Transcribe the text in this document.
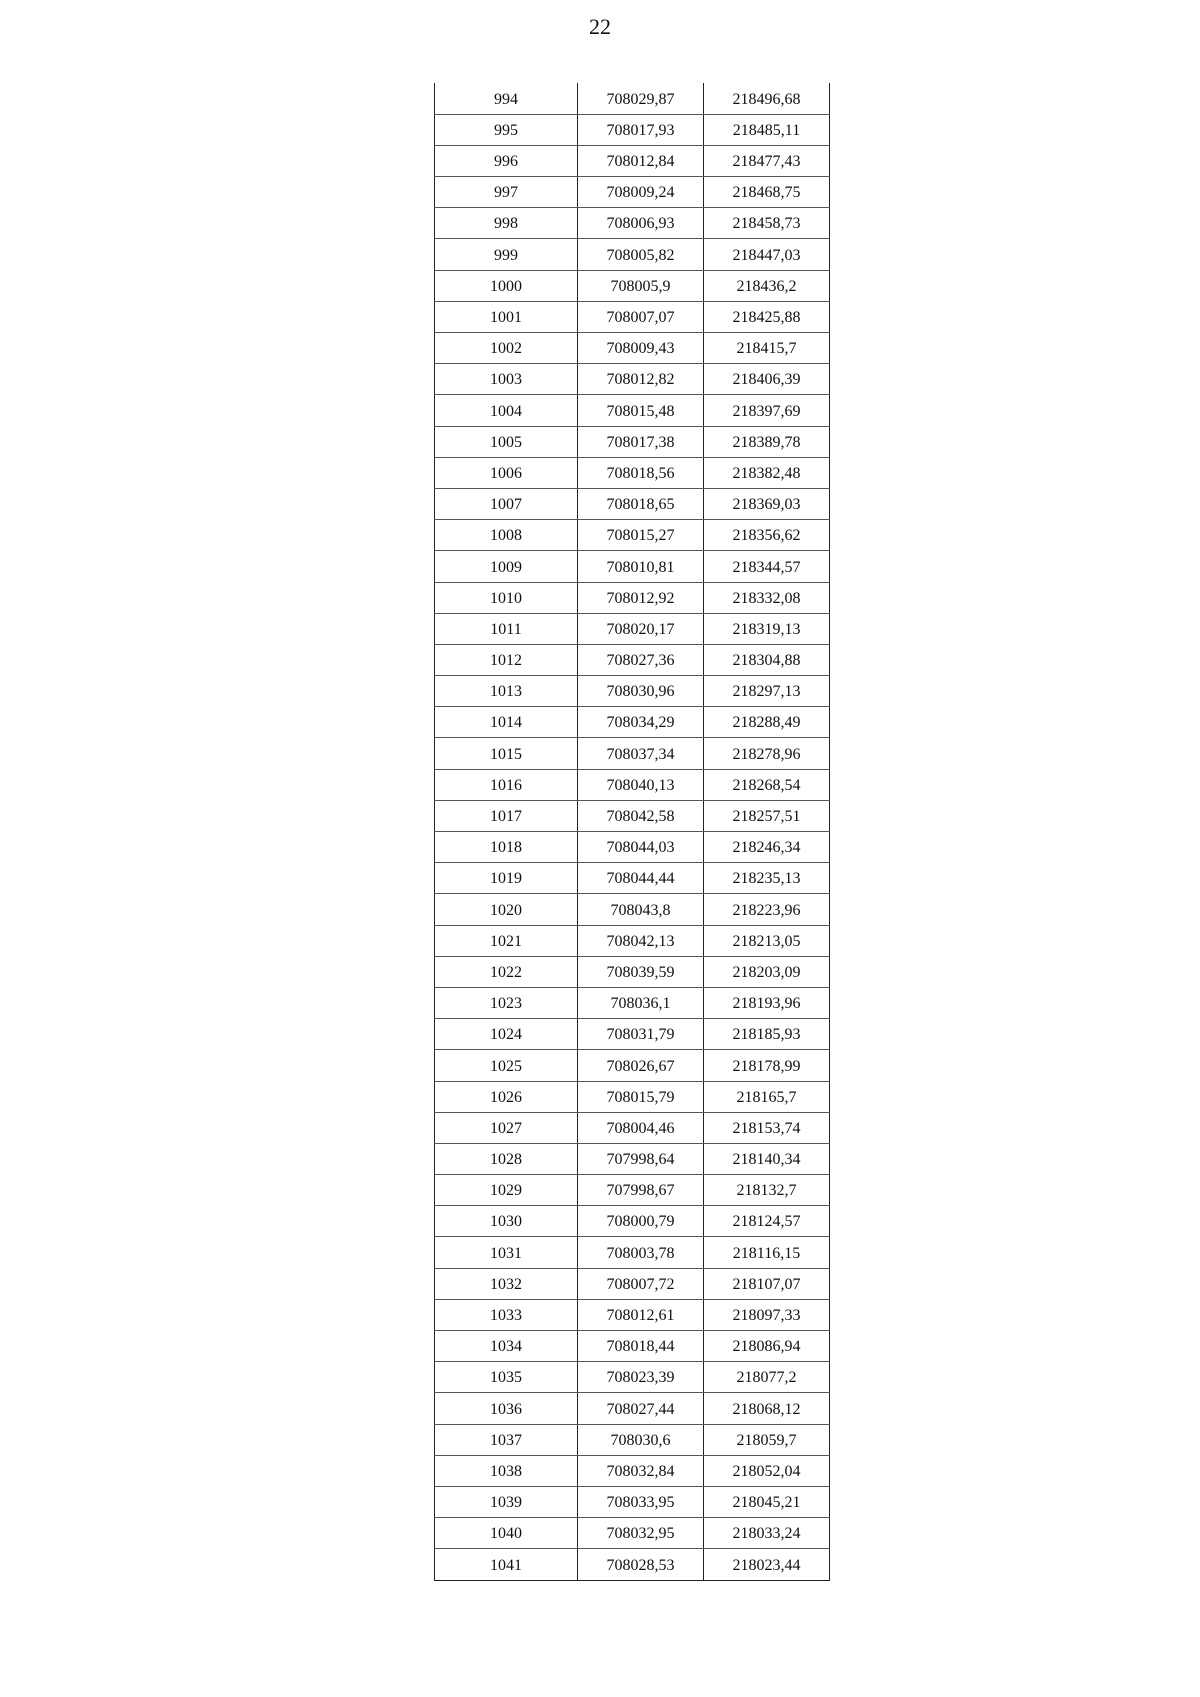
22
994	708029,87	218496,68
995	708017,93	218485,11
996	708012,84	218477,43
997	708009,24	218468,75
998	708006,93	218458,73
999	708005,82	218447,03
1000	708005,9	218436,2
1001	708007,07	218425,88
1002	708009,43	218415,7
1003	708012,82	218406,39
1004	708015,48	218397,69
1005	708017,38	218389,78
1006	708018,56	218382,48
1007	708018,65	218369,03
1008	708015,27	218356,62
1009	708010,81	218344,57
1010	708012,92	218332,08
1011	708020,17	218319,13
1012	708027,36	218304,88
1013	708030,96	218297,13
1014	708034,29	218288,49
1015	708037,34	218278,96
1016	708040,13	218268,54
1017	708042,58	218257,51
1018	708044,03	218246,34
1019	708044,44	218235,13
1020	708043,8	218223,96
1021	708042,13	218213,05
1022	708039,59	218203,09
1023	708036,1	218193,96
1024	708031,79	218185,93
1025	708026,67	218178,99
1026	708015,79	218165,7
1027	708004,46	218153,74
1028	707998,64	218140,34
1029	707998,67	218132,7
1030	708000,79	218124,57
1031	708003,78	218116,15
1032	708007,72	218107,07
1033	708012,61	218097,33
1034	708018,44	218086,94
1035	708023,39	218077,2
1036	708027,44	218068,12
1037	708030,6	218059,7
1038	708032,84	218052,04
1039	708033,95	218045,21
1040	708032,95	218033,24
1041	708028,53	218023,44
